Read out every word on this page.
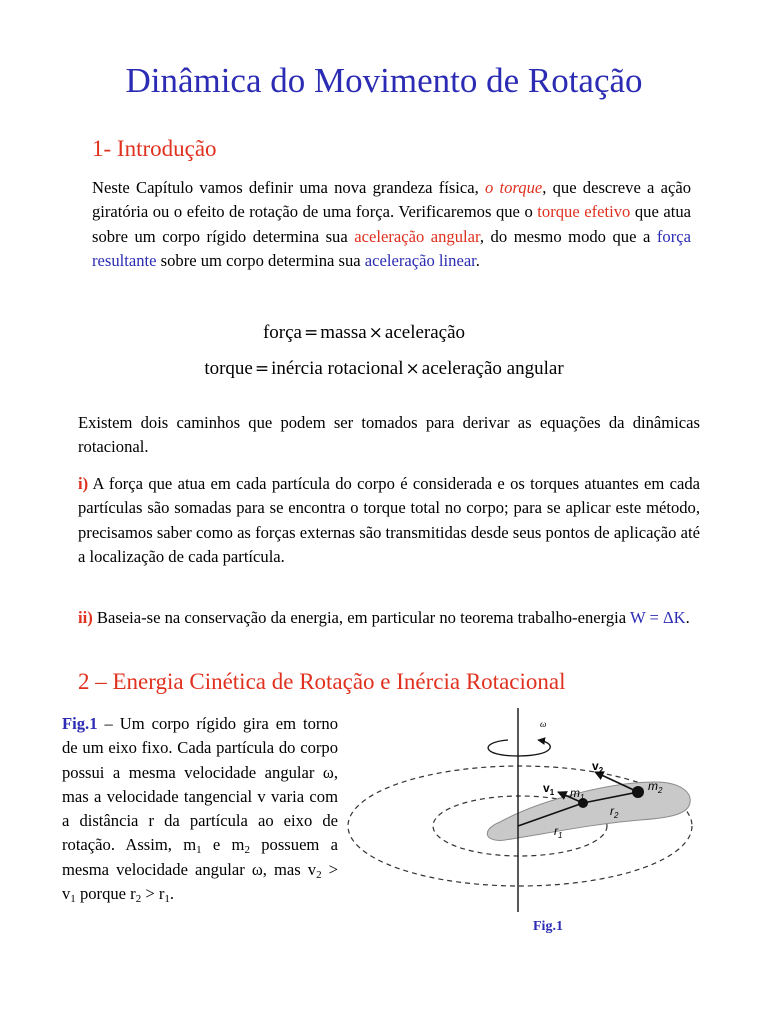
Dinâmica do Movimento de Rotação
1- Introdução
Neste Capítulo vamos definir uma nova grandeza física, o torque, que descreve a ação giratória ou o efeito de rotação de uma força. Verificaremos que o torque efetivo que atua sobre um corpo rígido determina sua aceleração angular, do mesmo modo que a força resultante sobre um corpo determina sua aceleração linear.
força = massa × aceleração
torque = inércia rotacional × aceleração angular
Existem dois caminhos que podem ser tomados para derivar as equações da dinâmicas rotacional.
i) A força que atua em cada partícula do corpo é considerada e os torques atuantes em cada partículas são somadas para se encontra o torque total no corpo; para se aplicar este método, precisamos saber como as forças externas são transmitidas desde seus pontos de aplicação até a localização de cada partícula.
ii) Baseia-se na conservação da energia, em particular no teorema trabalho-energia W = ΔK.
2 – Energia Cinética de Rotação e Inércia Rotacional
Fig.1 – Um corpo rígido gira em torno de um eixo fixo. Cada partícula do corpo possui a mesma velocidade angular ω, mas a velocidade tangencial v varia com a distância r da partícula ao eixo de rotação. Assim, $m_1$ e $m_2$ possuem a mesma velocidade angular ω, mas $v_2 > v_1$ porque $r_2 > r_1$.
ω
$v_1$
$v_2$
$m_1$
$m_2$
$r_1$
$r_2$
Fig.1
